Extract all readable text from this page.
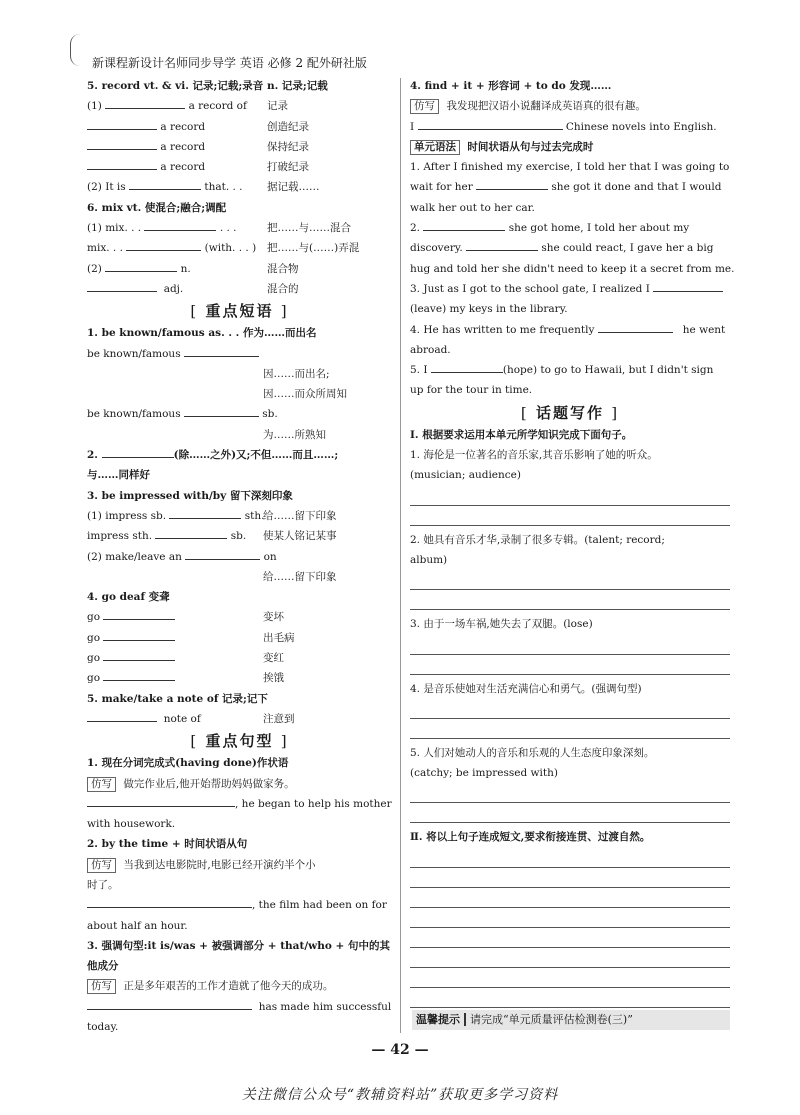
新课程新设计名师同步导学 英语 必修 2 配外研社版
5. record vt. & vi. 记录;记载;录音 n. 记录;记载
(1)	a record of 记录
a record	创造纪录
a record	保持纪录
a record	打破纪录
(2) It is	that. . . 据记载……
6. mix vt. 使混合;融合;调配
(1) mix. . .	. . .	把……与……混合
mix. . .	(with. . . ) 把……与(……)弄混
(2)	n.	混合物
adj.	混合的
[ 重点短语 ]
1. be known/famous as. . . 作为……而出名
be known/famous
因……而出名;
因……而众所周知
be known/famous	sb.
为……所熟知
2.	(除……之外)又;不但……而且……;
与……同样好
3. be impressed with/by 留下深刻印象
(1) impress sb.	sth.
给……留下印象
impress sth.	sb. 使某人铭记某事
(2) make/leave an	on
给……留下印象
4. go deaf 变聋
go	变坏
go	出毛病
go	变红
go	挨饿
5. make/take a note of 记录;记下
note of	注意到
[ 重点句型 ]
1. 现在分词完成式(having done)作状语
仿写 做完作业后,他开始帮助妈妈做家务。
, he began to help his mother
with housework.
2. by the time + 时间状语从句
仿写 当我到达电影院时,电影已经开演约半个小
时了。
, the film had been on for
about half an hour.
3. 强调句型:it is/was + 被强调部分 + that/who + 句中的其
他成分
仿写 正是多年艰苦的工作才造就了他今天的成功。
has made him successful
today.
4. find + it + 形容词 + to do 发现……
仿写 我发现把汉语小说翻译成英语真的很有趣。
I	Chinese novels into English.
单元语法 时间状语从句与过去完成时
1. After I finished my exercise, I told her that I was going to
wait for her	she got it done and that I would
walk her out to her car.
2.	she got home, I told her about my
discovery.	she could react, I gave her a big
hug and told her she didn't need to keep it a secret from me.
3. Just as I got to the school gate, I realized I
(leave) my keys in the library.
4. He has written to me frequently	he went
abroad.
5. I	(hope) to go to Hawaii, but I didn't sign
up for the tour in time.
[ 话题写作 ]
Ⅰ. 根据要求运用本单元所学知识完成下面句子。
1. 海伦是一位著名的音乐家,其音乐影响了她的听众。
(musician; audience)
2. 她具有音乐才华,录制了很多专辑。(talent; record;
album)
3. 由于一场车祸,她失去了双腿。(lose)
4. 是音乐使她对生活充满信心和勇气。(强调句型)
5. 人们对她动人的音乐和乐观的人生态度印象深刻。
(catchy; be impressed with)
Ⅱ. 将以上句子连成短文,要求衔接连贯、过渡自然。
温馨提示 请完成“单元质量评估检测卷(三)”
— 42 —
关注微信公众号“教辅资料站”获取更多学习资料
